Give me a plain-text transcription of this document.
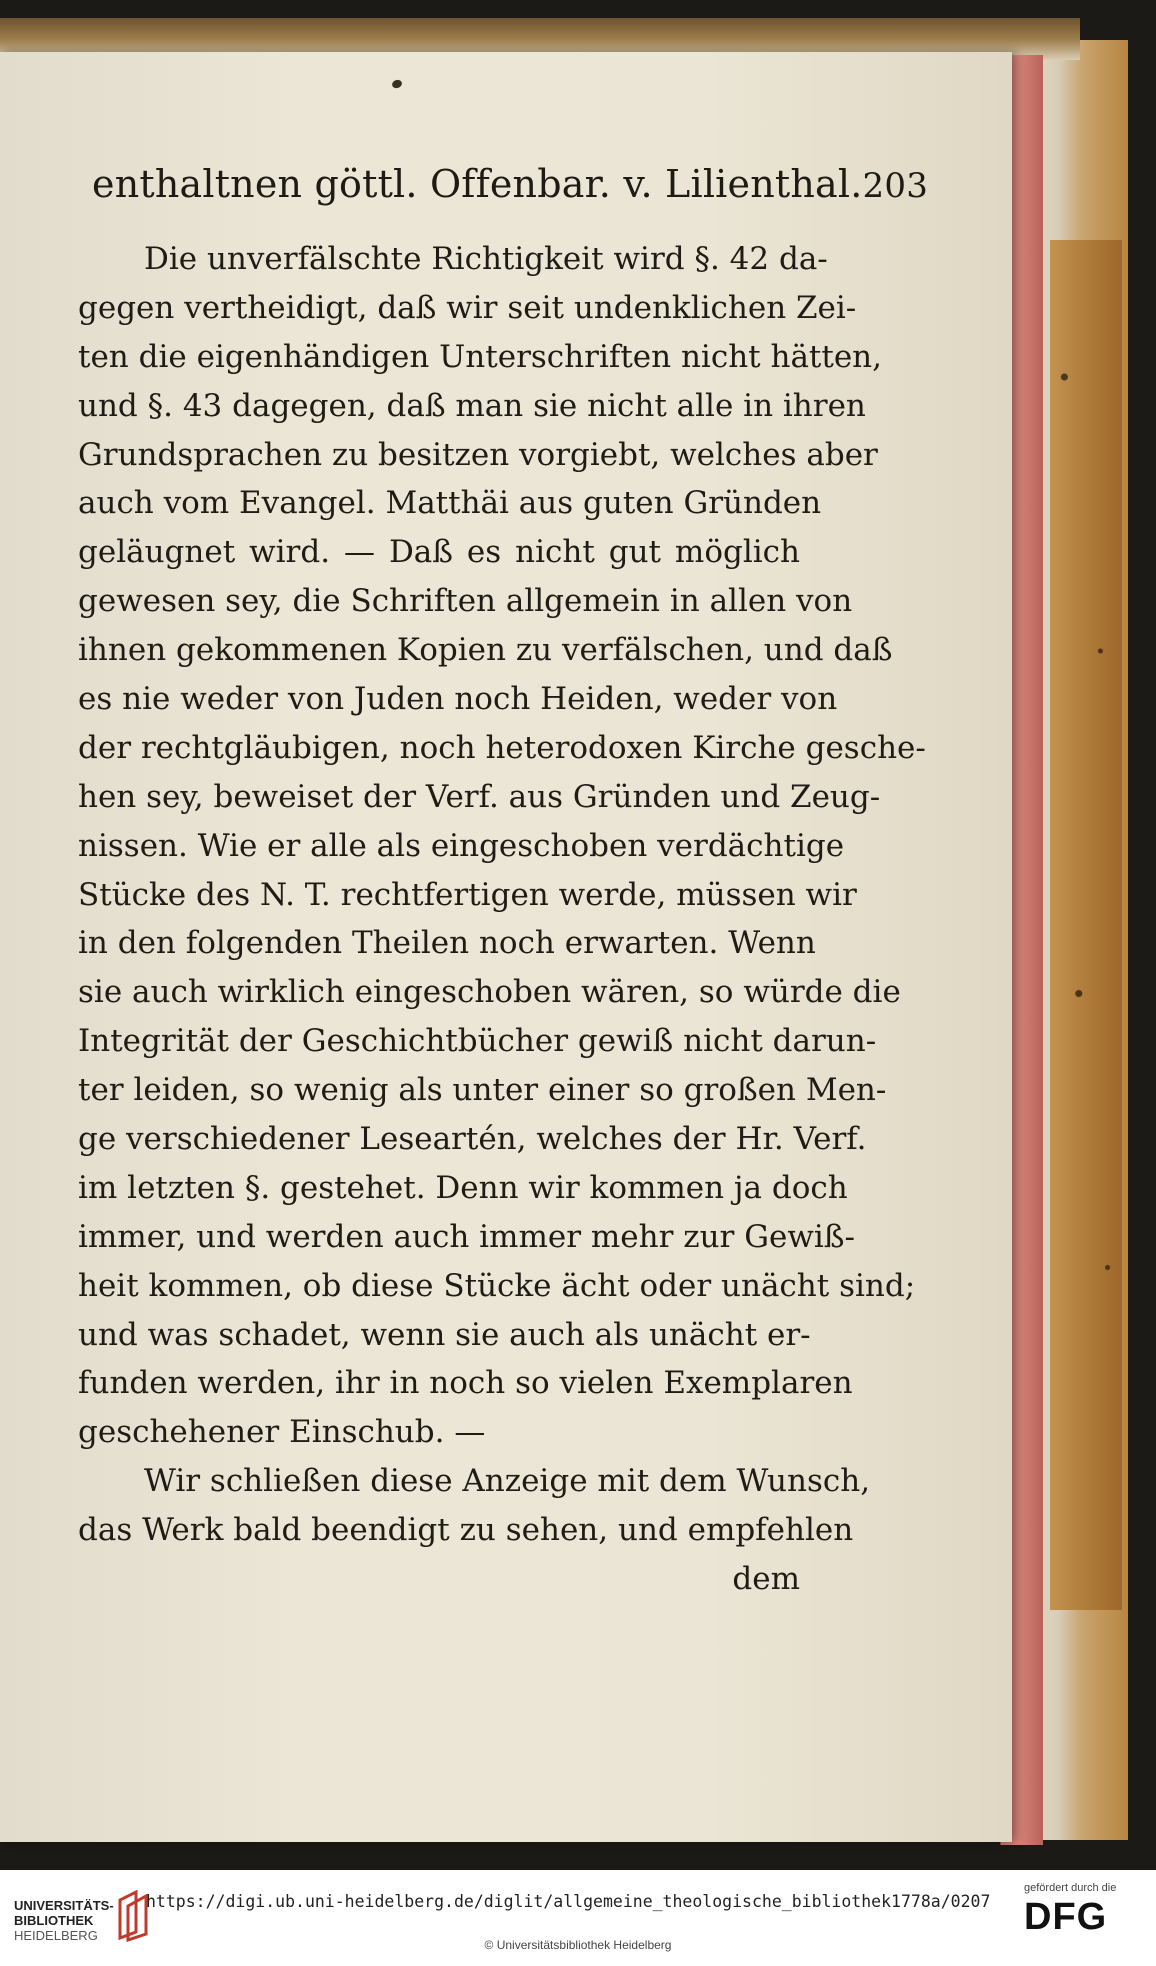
enthaltnen göttl. Offenbar. v. Lilienthal. 203
Die unverfälschte Richtigkeit wird §. 42 da-
gegen vertheidigt, daß wir seit undenklichen Zei-
ten die eigenhändigen Unterschriften nicht hätten,
und §. 43 dagegen, daß man sie nicht alle in ihren
Grundsprachen zu besitzen vorgiebt, welches aber
auch vom Evangel. Matthäi aus guten Gründen
geläugnet wird. — Daß es nicht gut möglich
gewesen sey, die Schriften allgemein in allen von
ihnen gekommenen Kopien zu verfälschen, und daß
es nie weder von Juden noch Heiden, weder von
der rechtgläubigen, noch heterodoxen Kirche gesche-
hen sey, beweiset der Verf. aus Gründen und Zeug-
nissen. Wie er alle als eingeschoben verdächtige
Stücke des N. T. rechtfertigen werde, müssen wir
in den folgenden Theilen noch erwarten. Wenn
sie auch wirklich eingeschoben wären, so würde die
Integrität der Geschichtbücher gewiß nicht darun-
ter leiden, so wenig als unter einer so großen Men-
ge verschiedener Leseartén, welches der Hr. Verf.
im letzten §. gestehet. Denn wir kommen ja doch
immer, und werden auch immer mehr zur Gewiß-
heit kommen, ob diese Stücke ächt oder unächt sind;
und was schadet, wenn sie auch als unächt er-
funden werden, ihr in noch so vielen Exemplaren
geschehener Einschub. —
Wir schließen diese Anzeige mit dem Wunsch,
das Werk bald beendigt zu sehen, und empfehlen
dem
UNIVERSITÄTS-
BIBLIOTHEK
HEIDELBERG
https://digi.ub.uni-heidelberg.de/diglit/allgemeine_theologische_bibliothek1778a/0207
© Universitätsbibliothek Heidelberg
gefördert durch die
DFG
